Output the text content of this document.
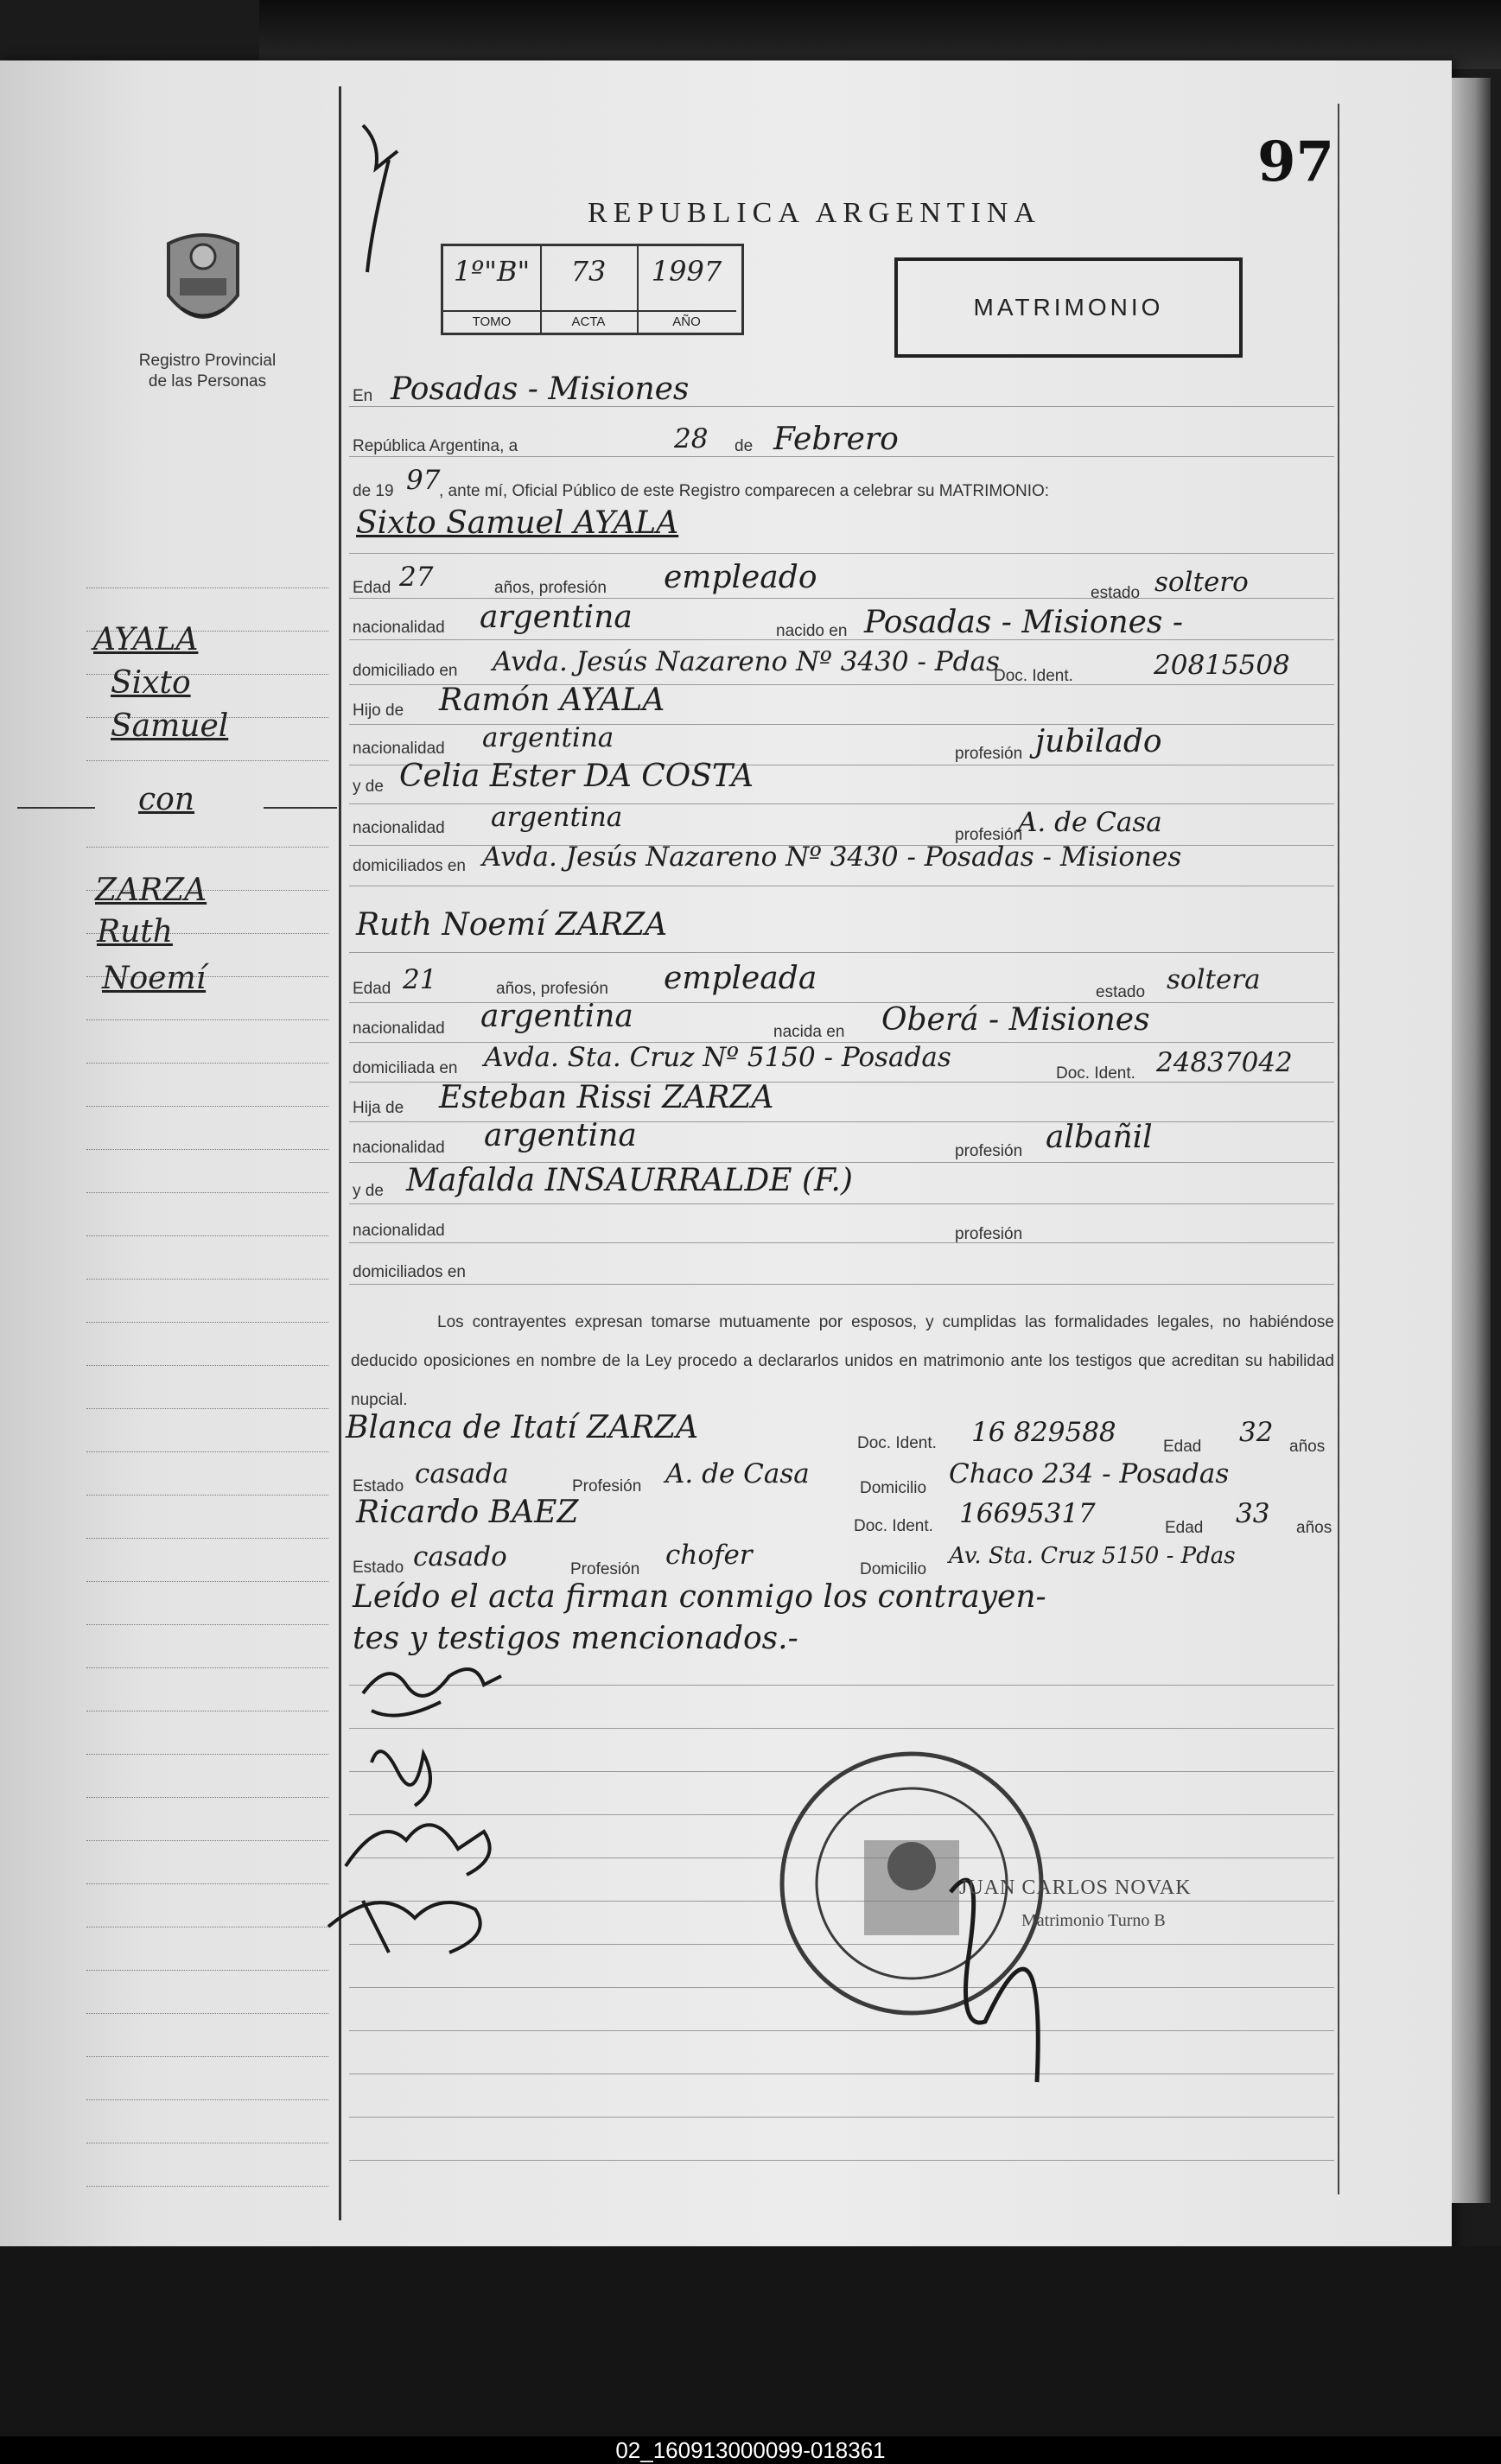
97
REPUBLICA ARGENTINA
Registro Provincial
de las Personas
1º"B"
TOMO
73
ACTA
1997
AÑO
MATRIMONIO
En Posadas - Misiones
República Argentina, a	28 de Febrero
de 19 97
, ante mí, Oficial Público de este Registro comparecen a celebrar su MATRIMONIO:
Sixto Samuel AYALA
Edad 27	años, profesión empleado	estado soltero
nacionalidad argentina	nacido en Posadas - Misiones -
domiciliado en Avda. Jesús Nazareno Nº 3430 - Pdas
Doc. Ident.	20815508
Hijo de Ramón AYALA
nacionalidad argentina
profesión jubilado
y de Celia Ester DA COSTA
nacionalidad argentina
profesión
A. de Casa
domiciliados en Avda. Jesús Nazareno Nº 3430 - Posadas - Misiones
Ruth Noemí ZARZA
Edad 21	años, profesión empleada	estado soltera
nacionalidad argentina	nacida en Oberá - Misiones
domiciliada en Avda. Sta. Cruz Nº 5150 - Posadas
Doc. Ident. 24837042
Hija de Esteban Rissi ZARZA
nacionalidad argentina	profesión albañil
y de Mafalda INSAURRALDE (F.)
nacionalidad	profesión
domiciliados en
Los contrayentes expresan tomarse mutuamente por esposos, y cumplidas las formalidades legales, no habiéndose deducido oposiciones en nombre de la Ley procedo a declararlos unidos en matrimonio ante los testigos que acreditan su habilidad nupcial.
Blanca de Itatí ZARZA	Doc. Ident. 16 829588	Edad 32 años
Estado casada	Profesión A. de Casa	Domicilio Chaco 234 - Posadas
Ricardo BAEZ	Doc. Ident. 16695317	Edad 33 años
Estado casado	Profesión chofer	Domicilio
Av. Sta. Cruz 5150 - Pdas
Leído el acta firman conmigo los contrayen-
tes y testigos mencionados.-
JUAN CARLOS NOVAK
Matrimonio Turno B
AYALA
Sixto
Samuel
con
ZARZA
Ruth
Noemí
02_160913000099-018361
